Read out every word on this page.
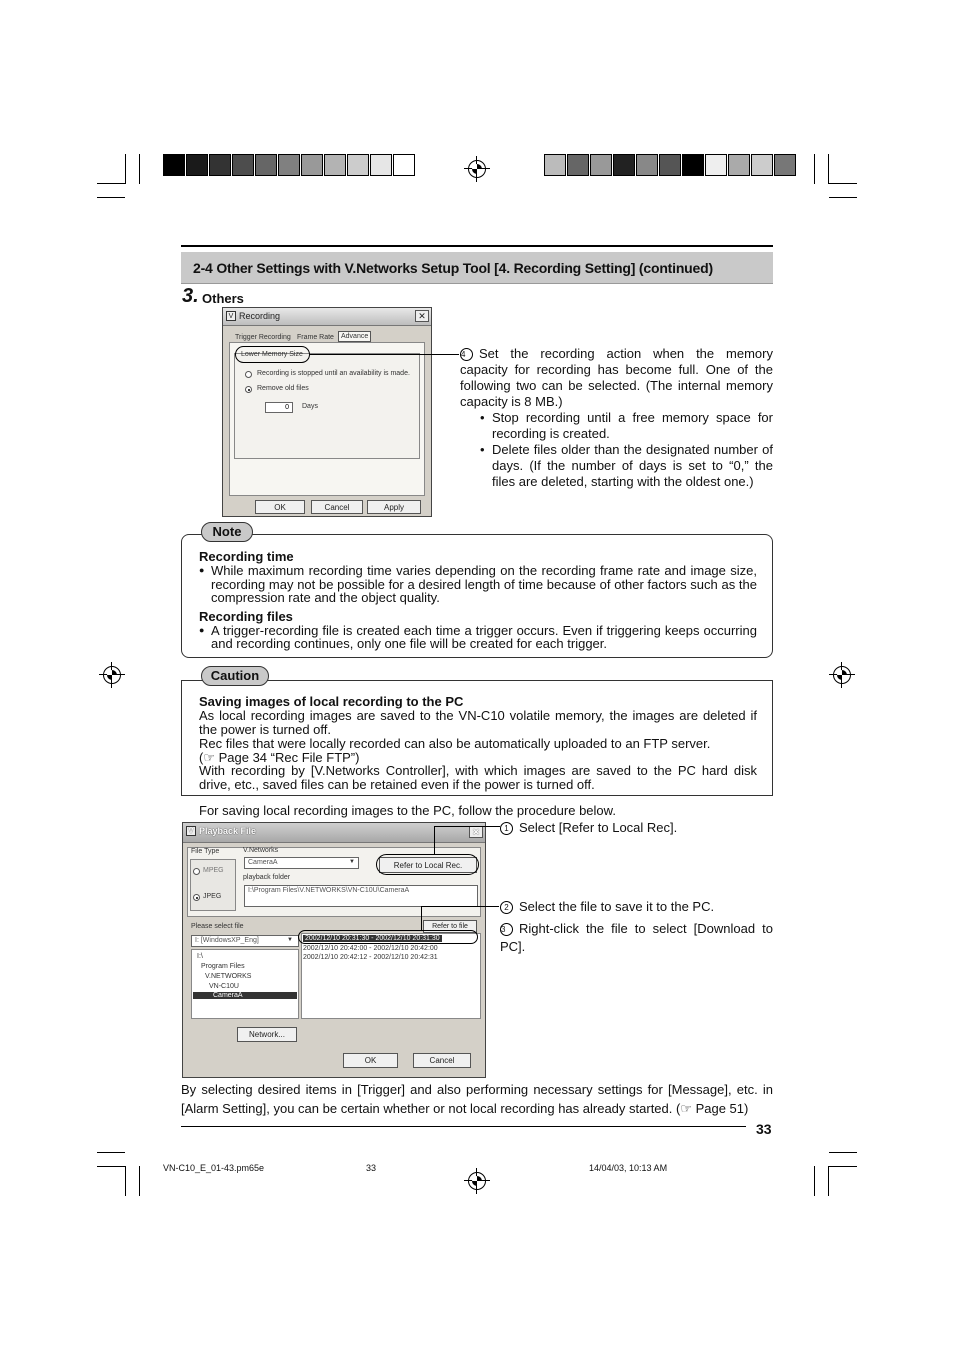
2-4 Other Settings with V.Networks Setup Tool [4. Recording Setting] (continued)
3. Others
V Recording	✕
Trigger Recording Frame Rate	Advance
Lower Memory Size
Recording is stopped until an availability is made.
Remove old files
0	Days
OK	Cancel	Apply
4 Set the recording action when the memory capacity for recording has become full. One of the following two can be selected. (The internal memory capacity is 8 MB.)
• Stop recording until a free memory space for recording is created.
• Delete files older than the designated number of days. (If the number of days is set to “0,” the files are deleted, starting with the oldest one.)
Recording time
● While maximum recording time varies depending on the recording frame rate and image size, recording may not be possible for a desired length of time because of other factors such as the compression rate and the object quality.
Recording files
● A trigger-recording file is created each time a trigger occurs. Even if triggering keeps occurring and recording continues, only one file will be created for each trigger.
Note
Saving images of local recording to the PC
As local recording images are saved to the VN-C10 volatile memory, the images are deleted if the power is turned off.
Rec files that were locally recorded can also be automatically uploaded to an FTP server.
(☞ Page 34 “Rec File FTP”)
With recording by [V.Networks Controller], with which images are saved to the PC hard disk drive, etc., saved files can be retained even if the power is turned off.
Caution
For saving local recording images to the PC, follow the procedure below.
V Playback File	✕
File Type
MPEG
JPEG
V.Networks
CameraA	▼
playback folder
I:\Program Files\V.NETWORKS\VN-C10U\CameraA
Refer to Local Rec.
Please select file	Refer to file
I: [WindowsXP_Eng]	▼
I:\
Program Files
V.NETWORKS
VN-C10U
CameraA
2002/12/10 20:31:30 - 2002/12/10 20:31:30
2002/12/10 20:42:00 - 2002/12/10 20:42:00
2002/12/10 20:42:12 - 2002/12/10 20:42:31
Network...
OK	Cancel
1 Select [Refer to Local Rec].
2 Select the file to save it to the PC.
3 Right-click the file to select [Download to PC].
By selecting desired items in [Trigger] and also performing necessary settings for [Message], etc. in [Alarm Setting], you can be certain whether or not local recording has already started. (☞ Page 51)
33
VN-C10_E_01-43.pm65e	33	14/04/03, 10:13 AM
